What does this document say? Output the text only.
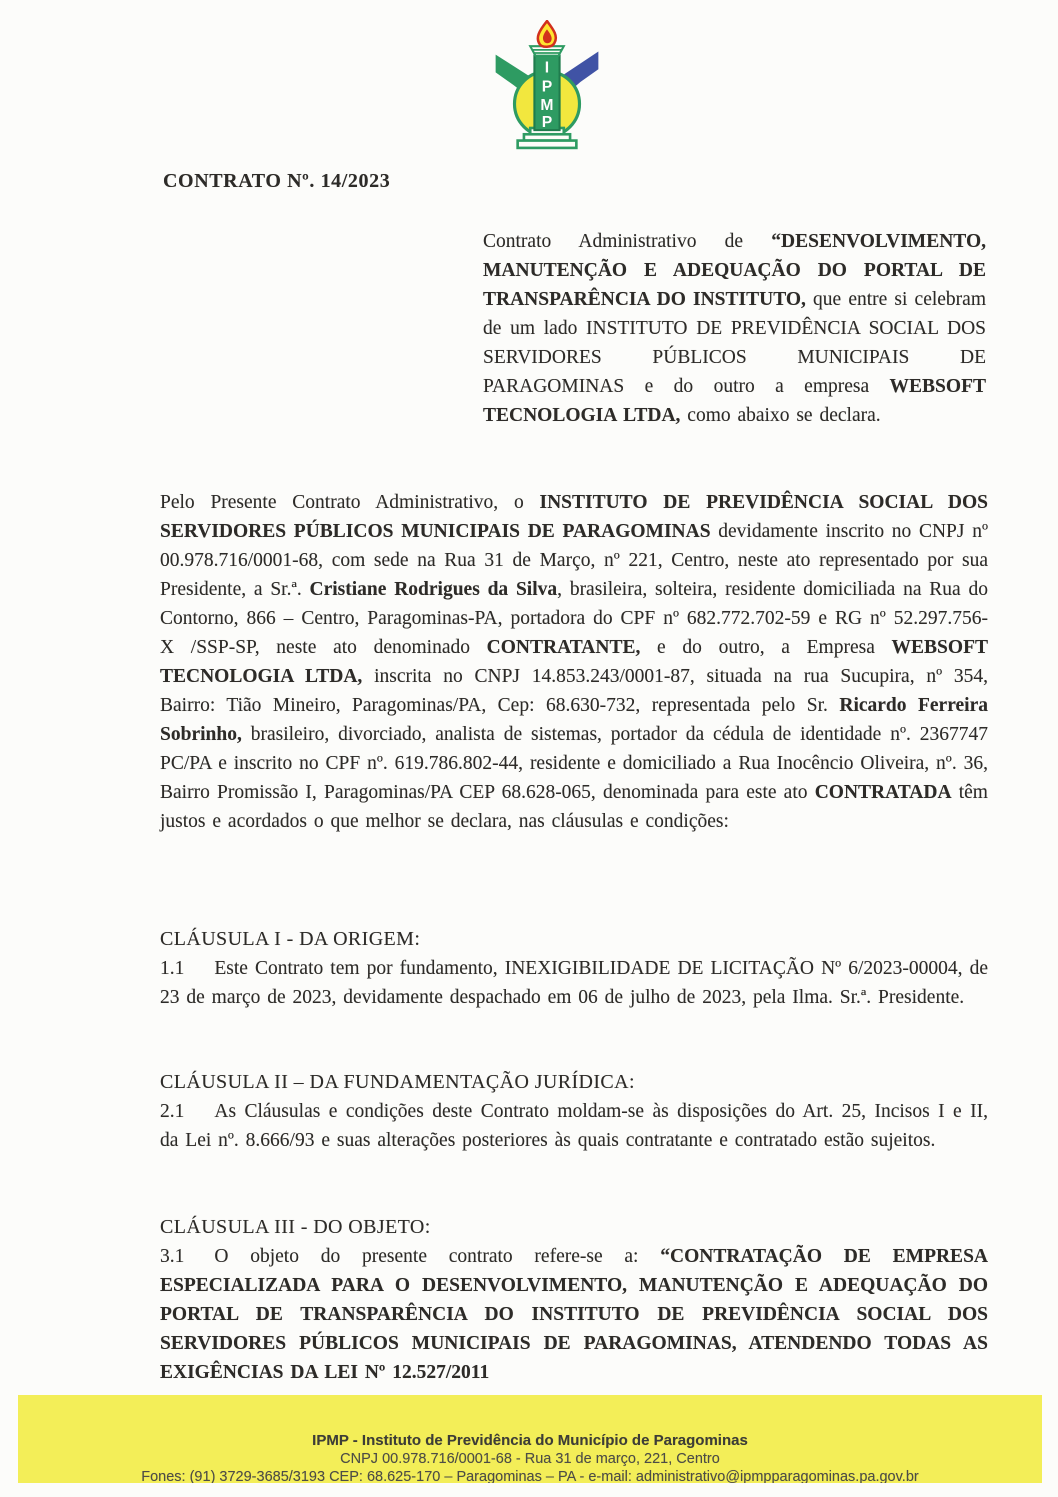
I
P
M
P
CONTRATO Nº. 14/2023

Contrato Administrativo de “DESENVOLVIMENTO, MANUTENÇÃO E ADEQUAÇÃO DO PORTAL DE TRANSPARÊNCIA DO INSTITUTO, que entre si celebram de um lado INSTITUTO DE PREVIDÊNCIA SOCIAL DOS SERVIDORES PÚBLICOS MUNICIPAIS DE PARAGOMINAS e do outro a empresa WEBSOFT TECNOLOGIA LTDA, como abaixo se declara.

Pelo Presente Contrato Administrativo, o INSTITUTO DE PREVIDÊNCIA SOCIAL DOS SERVIDORES PÚBLICOS MUNICIPAIS DE PARAGOMINAS devidamente inscrito no CNPJ nº 00.978.716/0001-68, com sede na Rua 31 de Março, nº 221, Centro, neste ato representado por sua Presidente, a Sr.ª. Cristiane Rodrigues da Silva, brasileira, solteira, residente domiciliada na Rua do Contorno, 866 – Centro, Paragominas-PA, portadora do CPF nº 682.772.702-59 e RG nº 52.297.756-X /SSP-SP, neste ato denominado CONTRATANTE, e do outro, a Empresa WEBSOFT TECNOLOGIA LTDA, inscrita no CNPJ 14.853.243/0001-87, situada na rua Sucupira, nº 354, Bairro: Tião Mineiro, Paragominas/PA, Cep: 68.630-732, representada pelo Sr. Ricardo Ferreira Sobrinho, brasileiro, divorciado, analista de sistemas, portador da cédula de identidade nº. 2367747 PC/PA e inscrito no CPF nº. 619.786.802-44, residente e domiciliado a Rua Inocêncio Oliveira, nº. 36, Bairro Promissão I, Paragominas/PA CEP 68.628-065, denominada para este ato CONTRATADA têm justos e acordados o que melhor se declara, nas cláusulas e condições:

CLÁUSULA I - DA ORIGEM:

1.1 Este Contrato tem por fundamento, INEXIGIBILIDADE DE LICITAÇÃO Nº 6/2023-00004, de 23 de março de 2023, devidamente despachado em 06 de julho de 2023, pela Ilma. Sr.ª. Presidente.

CLÁUSULA II – DA FUNDAMENTAÇÃO JURÍDICA:

2.1 As Cláusulas e condições deste Contrato moldam-se às disposições do Art. 25, Incisos I e II, da Lei nº. 8.666/93 e suas alterações posteriores às quais contratante e contratado estão sujeitos.

CLÁUSULA III - DO OBJETO:

3.1 O objeto do presente contrato refere-se a: “CONTRATAÇÃO DE EMPRESA ESPECIALIZADA PARA O DESENVOLVIMENTO, MANUTENÇÃO E ADEQUAÇÃO DO PORTAL DE TRANSPARÊNCIA DO INSTITUTO DE PREVIDÊNCIA SOCIAL DOS SERVIDORES PÚBLICOS MUNICIPAIS DE PARAGOMINAS, ATENDENDO TODAS AS EXIGÊNCIAS DA LEI Nº 12.527/2011

IPMP - Instituto de Previdência do Município de Paragominas
CNPJ 00.978.716/0001-68 - Rua 31 de março, 221, Centro
Fones: (91) 3729-3685/3193 CEP: 68.625-170 – Paragominas – PA - e-mail: administrativo@ipmpparagominas.pa.gov.br
